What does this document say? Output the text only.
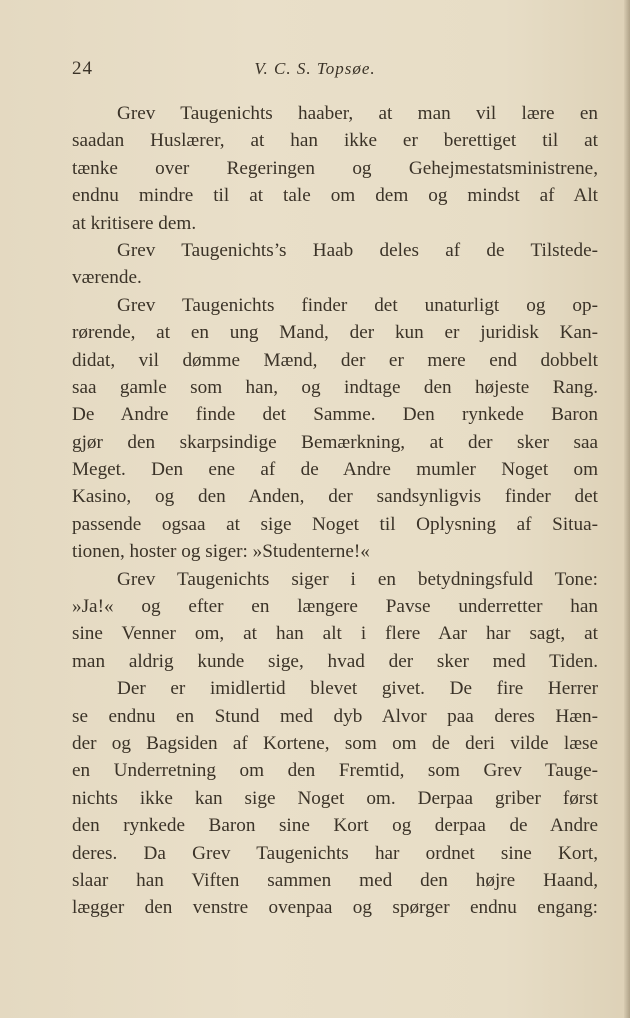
24	V. C. S. Topsøe.
Grev Taugenichts haaber, at man vil lære en
saadan Huslærer, at han ikke er berettiget til at
tænke over Regeringen og Gehejmestatsministrene,
endnu mindre til at tale om dem og mindst af Alt
at kritisere dem.
Grev Taugenichts’s Haab deles af de Tilstede-
værende.
Grev Taugenichts finder det unaturligt og op-
rørende, at en ung Mand, der kun er juridisk Kan-
didat, vil dømme Mænd, der er mere end dobbelt
saa gamle som han, og indtage den højeste Rang.
De Andre finde det Samme. Den rynkede Baron
gjør den skarpsindige Bemærkning, at der sker saa
Meget. Den ene af de Andre mumler Noget om
Kasino, og den Anden, der sandsynligvis finder det
passende ogsaa at sige Noget til Oplysning af Situa-
tionen, hoster og siger: »Studenterne!«
Grev Taugenichts siger i en betydningsfuld Tone:
»Ja!« og efter en længere Pavse underretter han
sine Venner om, at han alt i flere Aar har sagt, at
man aldrig kunde sige, hvad der sker med Tiden.
Der er imidlertid blevet givet. De fire Herrer
se endnu en Stund med dyb Alvor paa deres Hæn-
der og Bagsiden af Kortene, som om de deri vilde læse
en Underretning om den Fremtid, som Grev Tauge-
nichts ikke kan sige Noget om. Derpaa griber først
den rynkede Baron sine Kort og derpaa de Andre
deres. Da Grev Taugenichts har ordnet sine Kort,
slaar han Viften sammen med den højre Haand,
lægger den venstre ovenpaa og spørger endnu engang:
